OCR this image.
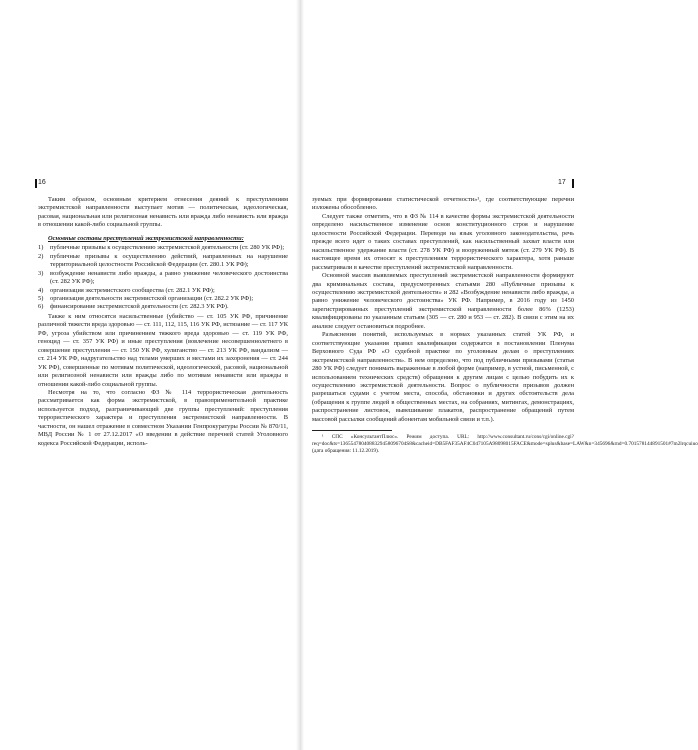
16

Таким образом, основным критерием отнесения деяний к преступлениям экстремистской направленности выступает мотив — политическая, идеологическая, расовая, национальная или религиозная ненависть или вражда либо ненависть или вражда в отношении какой-либо социальной группы.

Основные составы преступлений экстремистской направленности:

1)	публичные призывы к осуществлению экстремистской деятельности (ст. 280 УК РФ);
2)	публичные призывы к осуществлению действий, направленных на нарушение территориальной целостности Российской Федерации (ст. 280.1 УК РФ);
3)	возбуждение ненависти либо вражды, а равно унижение человеческого достоинства (ст. 282 УК РФ);
4)	организация экстремистского сообщества (ст. 282.1 УК РФ);
5)	организация деятельности экстремистской организации (ст. 282.2 УК РФ);
6)	финансирование экстремистской деятельности (ст. 282.3 УК РФ).

Также к ним относятся насильственные (убийство — ст. 105 УК РФ, причинение различной тяжести вреда здоровью — ст. 111, 112, 115, 116 УК РФ, истязание — ст. 117 УК РФ, угроза убийством или причинением тяжкого вреда здоровью — ст. 119 УК РФ, геноцид — ст. 357 УК РФ) и иные преступления (вовлечение несовершеннолетнего в совершение преступления — ст. 150 УК РФ, хулиганство — ст. 213 УК РФ, вандализм — ст. 214 УК РФ, надругательство над телами умерших и местами их захоронения — ст. 244 УК РФ), совершенные по мотивам политической, идеологической, расовой, национальной или религиозной ненависти или вражды либо по мотивам ненависти или вражды в отношении какой-либо социальной группы.

Несмотря на то, что согласно ФЗ № 114 террористическая деятельность рассматривается как форма экстремистской, в правоприменительной практике используется подход, разграничивающий две группы преступлений: преступления террористического характера и преступления экстремистской направленности. В частности, он нашел отражение в совместном Указании Генпрокуратуры России № 870/11, МВД России № 1 от 27.12.2017 «О введении в действие перечней статей Уголовного кодекса Российской Федерации, исполь-

17

зуемых при формировании статистической отчетности»¹, где соответствующие перечни изложены обособленно.

Следует также отметить, что в ФЗ № 114 в качестве формы экстремистской деятельности определено насильственное изменение основ конституционного строя и нарушение целостности Российской Федерации. Переводя на язык уголовного законодательства, речь прежде всего идет о таких составах преступлений, как насильственный захват власти или насильственное удержание власти (ст. 278 УК РФ) и вооруженный мятеж (ст. 279 УК РФ). В настоящее время их относят к преступлениям террористического характера, хотя раньше рассматривали в качестве преступлений экстремистской направленности.

Основной массив выявляемых преступлений экстремистской направленности формируют два криминальных состава, предусмотренных статьями 280 «Публичные призывы к осуществлению экстремистской деятельности» и 282 «Возбуждение ненависти либо вражды, а равно унижение человеческого достоинства» УК РФ. Например, в 2016 году из 1450 зарегистрированных преступлений экстремистской направленности более 86% (1253) квалифицированы по указанным статьям (305 — ст. 280 и 953 — ст. 282). В связи с этим на их анализе следует остановиться подробнее.

Разъяснения понятий, используемых в нормах указанных статей УК РФ, и соответствующие указания правил квалификации содержатся в постановлении Пленума Верховного Суда РФ «О судебной практике по уголовным делам о преступлениях экстремистской направленности». В нем определено, что под публичными призывами (статья 280 УК РФ) следует понимать выраженные в любой форме (например, в устной, письменной, с использованием технических средств) обращения к другим лицам с целью побудить их к осуществлению экстремистской деятельности. Вопрос о публичности призывов должен разрешаться судами с учетом места, способа, обстановки и других обстоятельств дела (обращения к группе людей в общественных местах, на собраниях, митингах, демонстрациях, распространение листовок, вывешивание плакатов, распространение обращений путем массовой рассылки сообщений абонентам мобильной связи и т.п.).

¹ СПС «КонсультантПлюс». Режим доступа. URL: http://www.consultant.ru/cons/cgi/online.cgi?req=doc&ts=1365547804088329458096704S8&cacheid=DB5FAF35AF4C047105A98098015FACE&mode=splus&base=LAW&n=345696&rnd=0.701578144891501#7m2lrqcuiuo (дата обращения: 11.12.2019).
